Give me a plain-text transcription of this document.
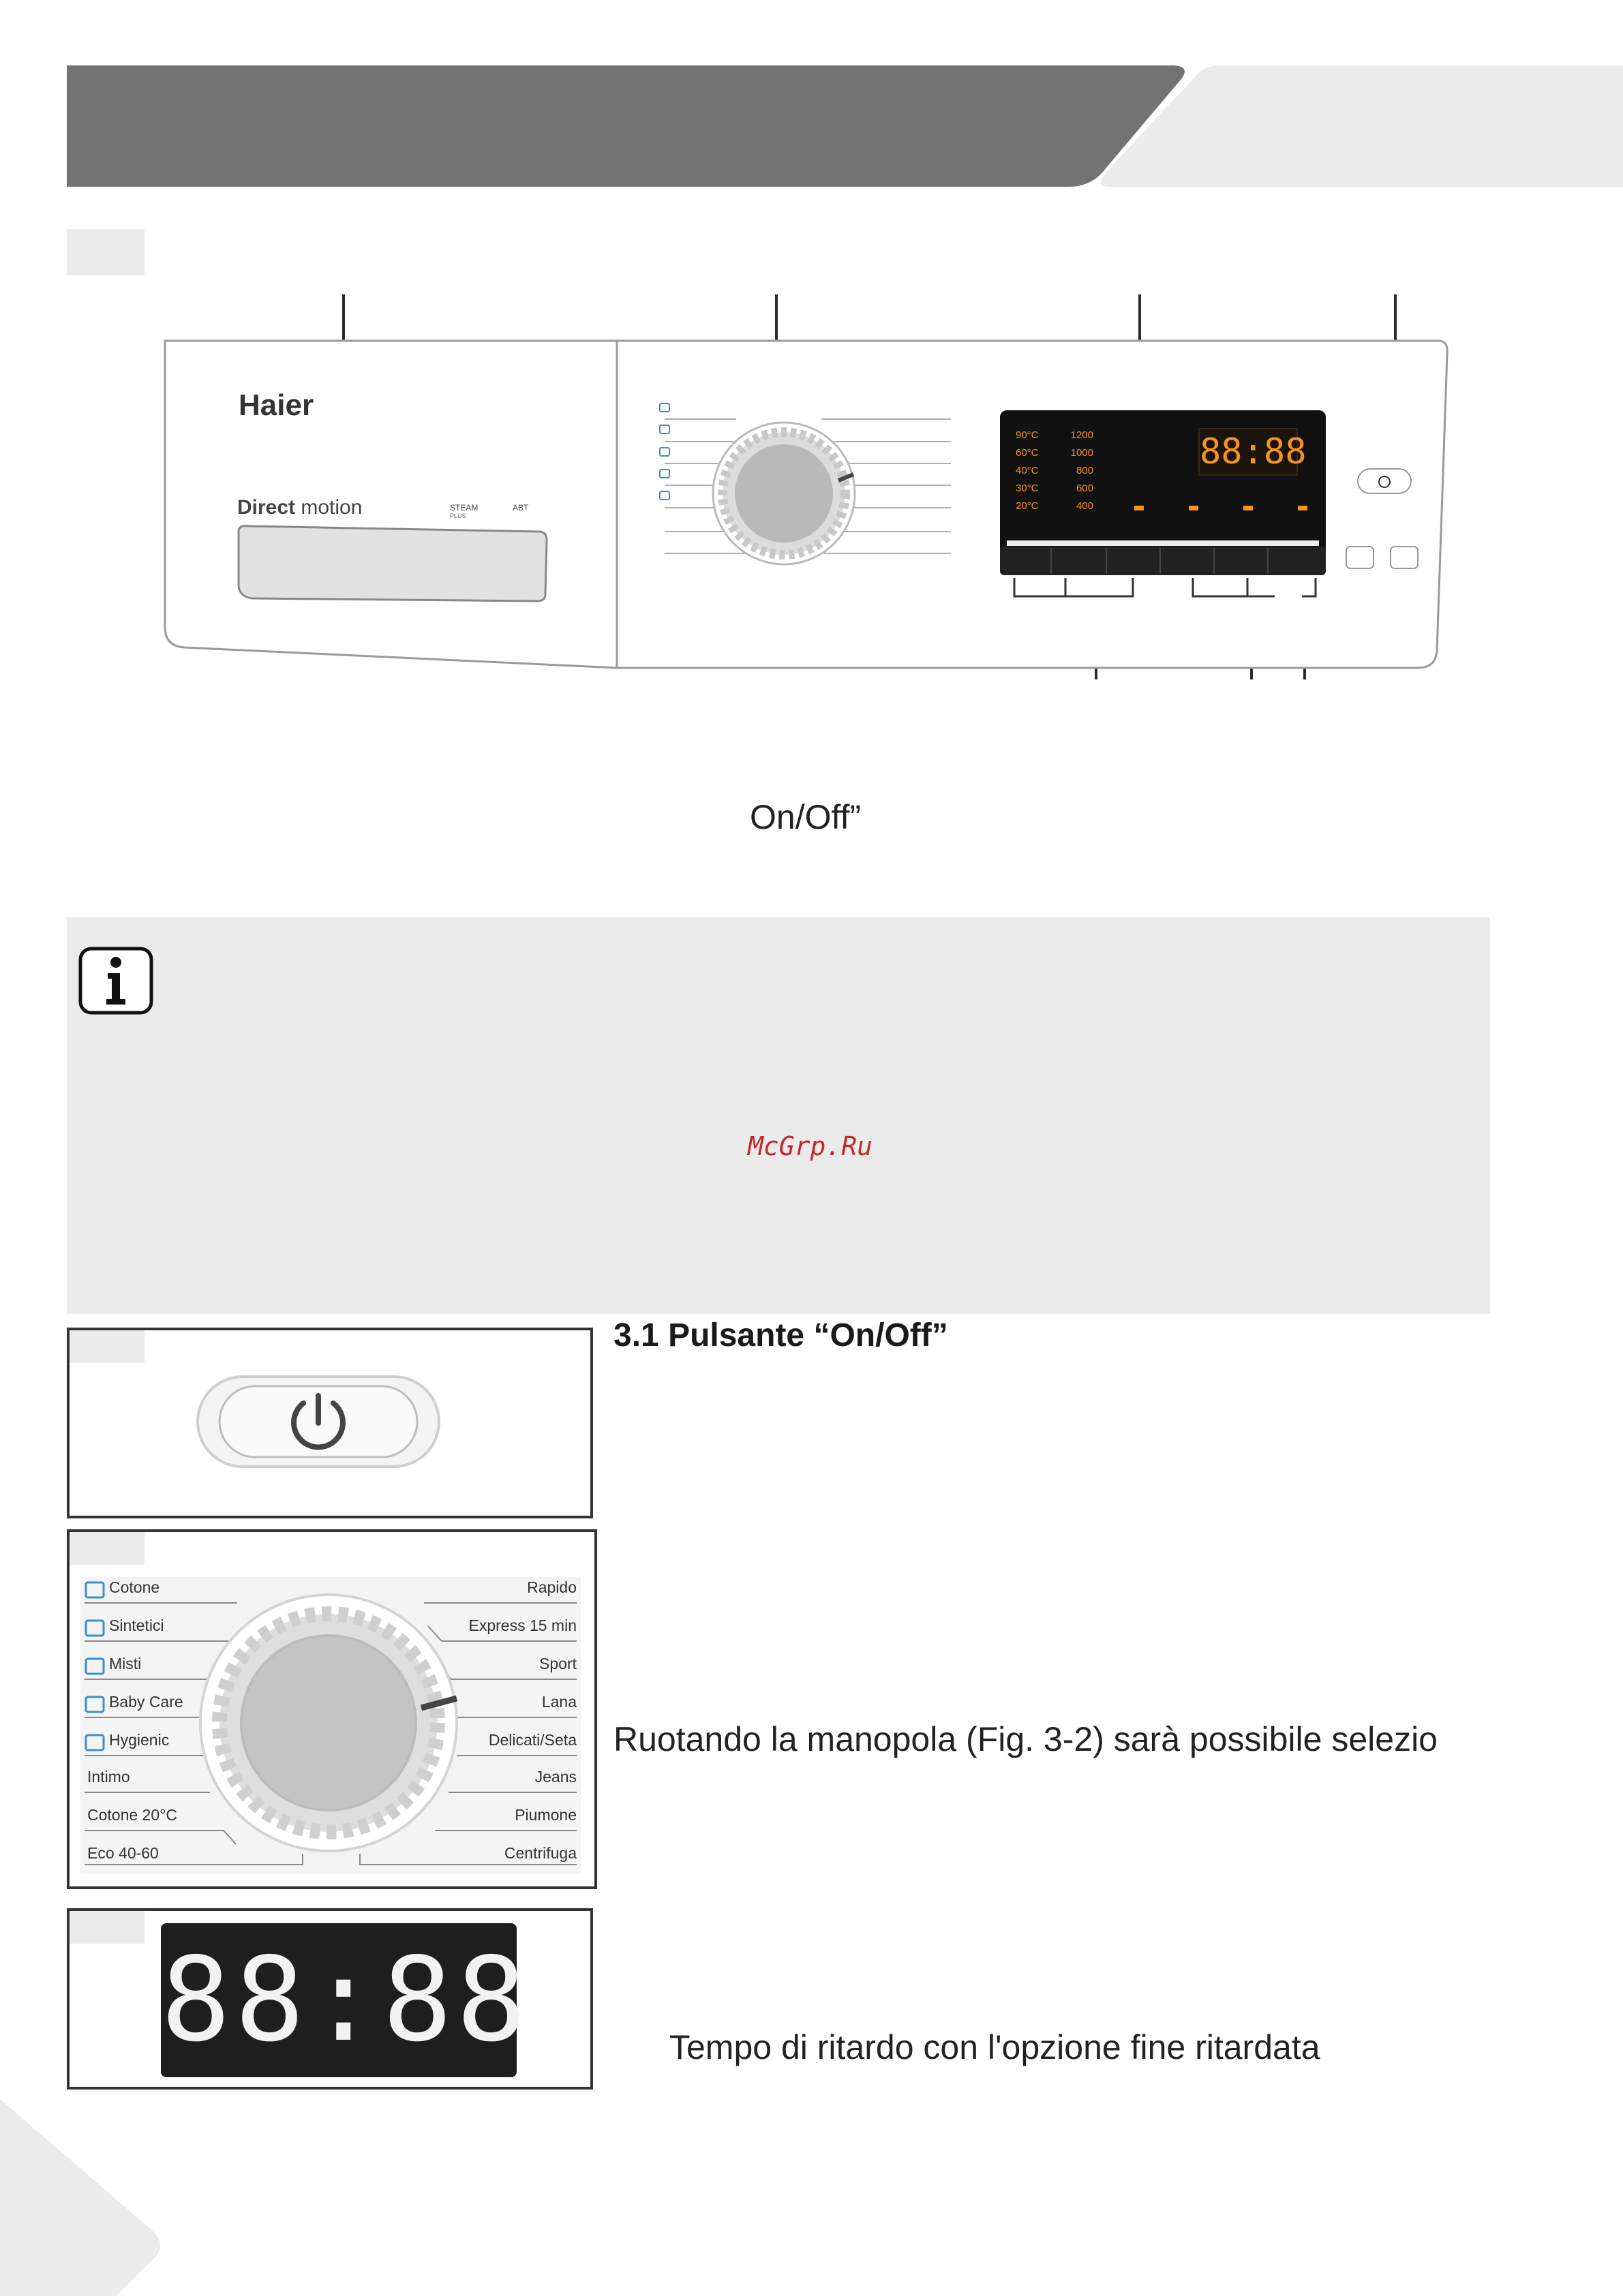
Haier
Direct motion	STEAM
PLUS
ABT
90°C
60°C
40°C
30°C
20°C
1200
1000
800
600
400
88:88
On/Off”
McGrp.Ru
3.1 Pulsante “On/Off”
Cotone
Sintetici
Misti
Baby Care
Hygienic
Intimo
Cotone 20°C
Eco 40-60
Rapido
Express 15 min
Sport
Lana
Delicati/Seta
Jeans
Piumone
Centrifuga
Ruotando la manopola (Fig. 3-2) sarà possibile selezio
88:88	Tempo di ritardo con l'opzione fine ritardata
